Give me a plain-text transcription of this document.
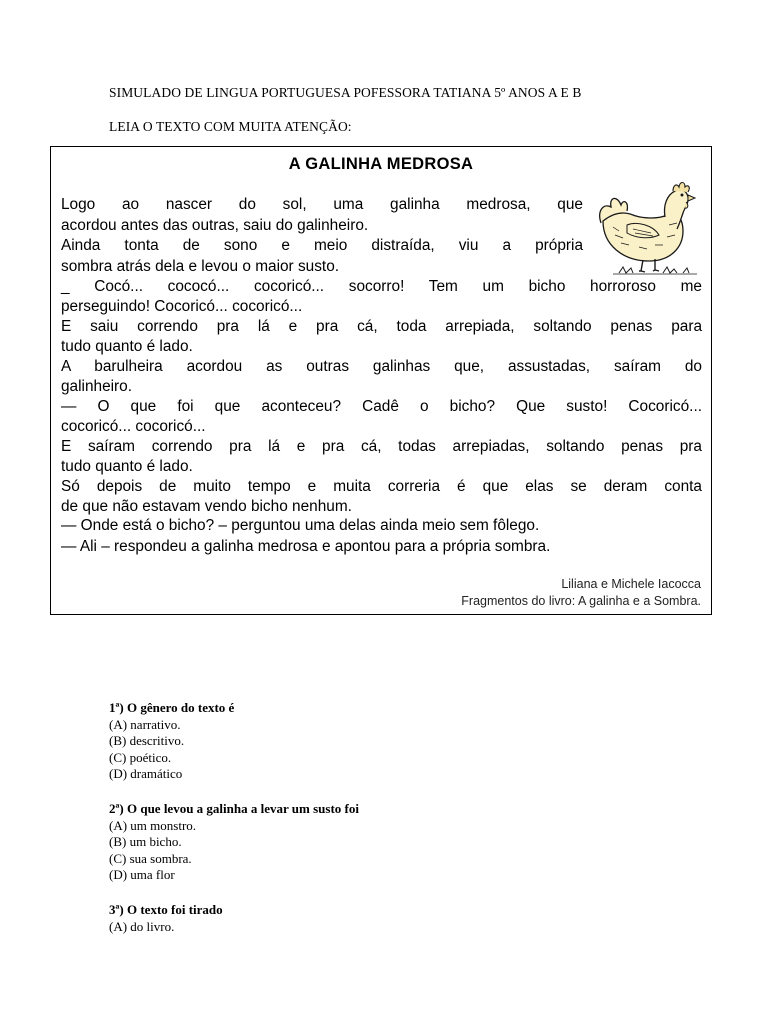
SIMULADO DE LINGUA PORTUGUESA POFESSORA TATIANA 5º ANOS A E B
LEIA O TEXTO COM MUITA ATENÇÃO:
A GALINHA MEDROSA
Logo ao nascer do sol, uma galinha medrosa, que
acordou antes das outras, saiu do galinheiro.
Ainda tonta de sono e meio distraída, viu a própria
sombra atrás dela e levou o maior susto.
_ Cocó... cococó... cocoricó... socorro! Tem um bicho horroroso me
perseguindo! Cocoricó... cocoricó...
E saiu correndo pra lá e pra cá, toda arrepiada, soltando penas para
tudo quanto é lado.
A barulheira acordou as outras galinhas que, assustadas, saíram do
galinheiro.
— O que foi que aconteceu? Cadê o bicho? Que susto! Cocoricó...
cocoricó... cocoricó...
E saíram correndo pra lá e pra cá, todas arrepiadas, soltando penas pra
tudo quanto é lado.
Só depois de muito tempo e muita correria é que elas se deram conta
de que não estavam vendo bicho nenhum.
— Onde está o bicho? – perguntou uma delas ainda meio sem fôlego.
— Ali – respondeu a galinha medrosa e apontou para a própria sombra.
Liliana e Michele Iacocca
Fragmentos do livro: A galinha e a Sombra.
1ª) O gênero do texto é
(A) narrativo.
(B) descritivo.
(C) poético.
(D) dramático
2ª) O que levou a galinha a levar um susto foi
(A) um monstro.
(B) um bicho.
(C) sua sombra.
(D) uma flor
3ª) O texto foi tirado
(A) do livro.
